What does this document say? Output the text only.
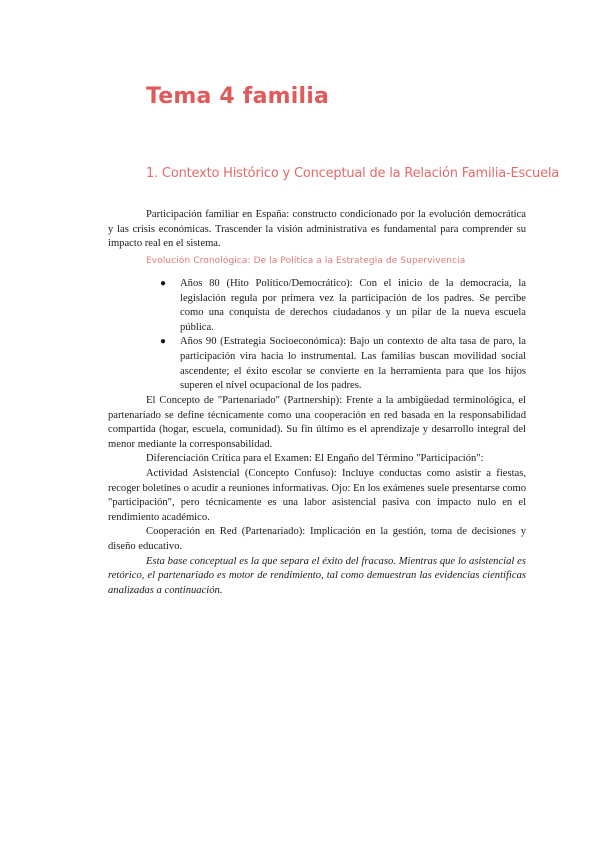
Tema 4 familia
1. Contexto Histórico y Conceptual de la Relación Familia-Escuela

Participación familiar en España: constructo condicionado por la evolución democrática y las crisis económicas. Trascender la visión administrativa es fundamental para comprender su impacto real en el sistema.

Evolución Cronológica: De la Política a la Estrategia de Supervivencia
● Años 80 (Hito Político/Democrático): Con el inicio de la democracia, la legislación regula por primera vez la participación de los padres. Se percibe como una conquista de derechos ciudadanos y un pilar de la nueva escuela pública.
● Años 90 (Estrategia Socioeconómica): Bajo un contexto de alta tasa de paro, la participación vira hacia lo instrumental. Las familias buscan movilidad social ascendente; el éxito escolar se convierte en la herramienta para que los hijos superen el nivel ocupacional de los padres.

El Concepto de "Partenariado" (Partnership): Frente a la ambigüedad terminológica, el partenariado se define técnicamente como una cooperación en red basada en la responsabilidad compartida (hogar, escuela, comunidad). Su fin último es el aprendizaje y desarrollo integral del menor mediante la corresponsabilidad.

Diferenciación Crítica para el Examen: El Engaño del Término "Participación":

Actividad Asistencial (Concepto Confuso): Incluye conductas como asistir a fiestas, recoger boletines o acudir a reuniones informativas. Ojo: En los exámenes suele presentarse como "participación", pero técnicamente es una labor asistencial pasiva con impacto nulo en el rendimiento académico.

Cooperación en Red (Partenariado): Implicación en la gestión, toma de decisiones y diseño educativo.

Esta base conceptual es la que separa el éxito del fracaso. Mientras que lo asistencial es retórico, el partenariado es motor de rendimiento, tal como demuestran las evidencias científicas analizadas a continuación.
